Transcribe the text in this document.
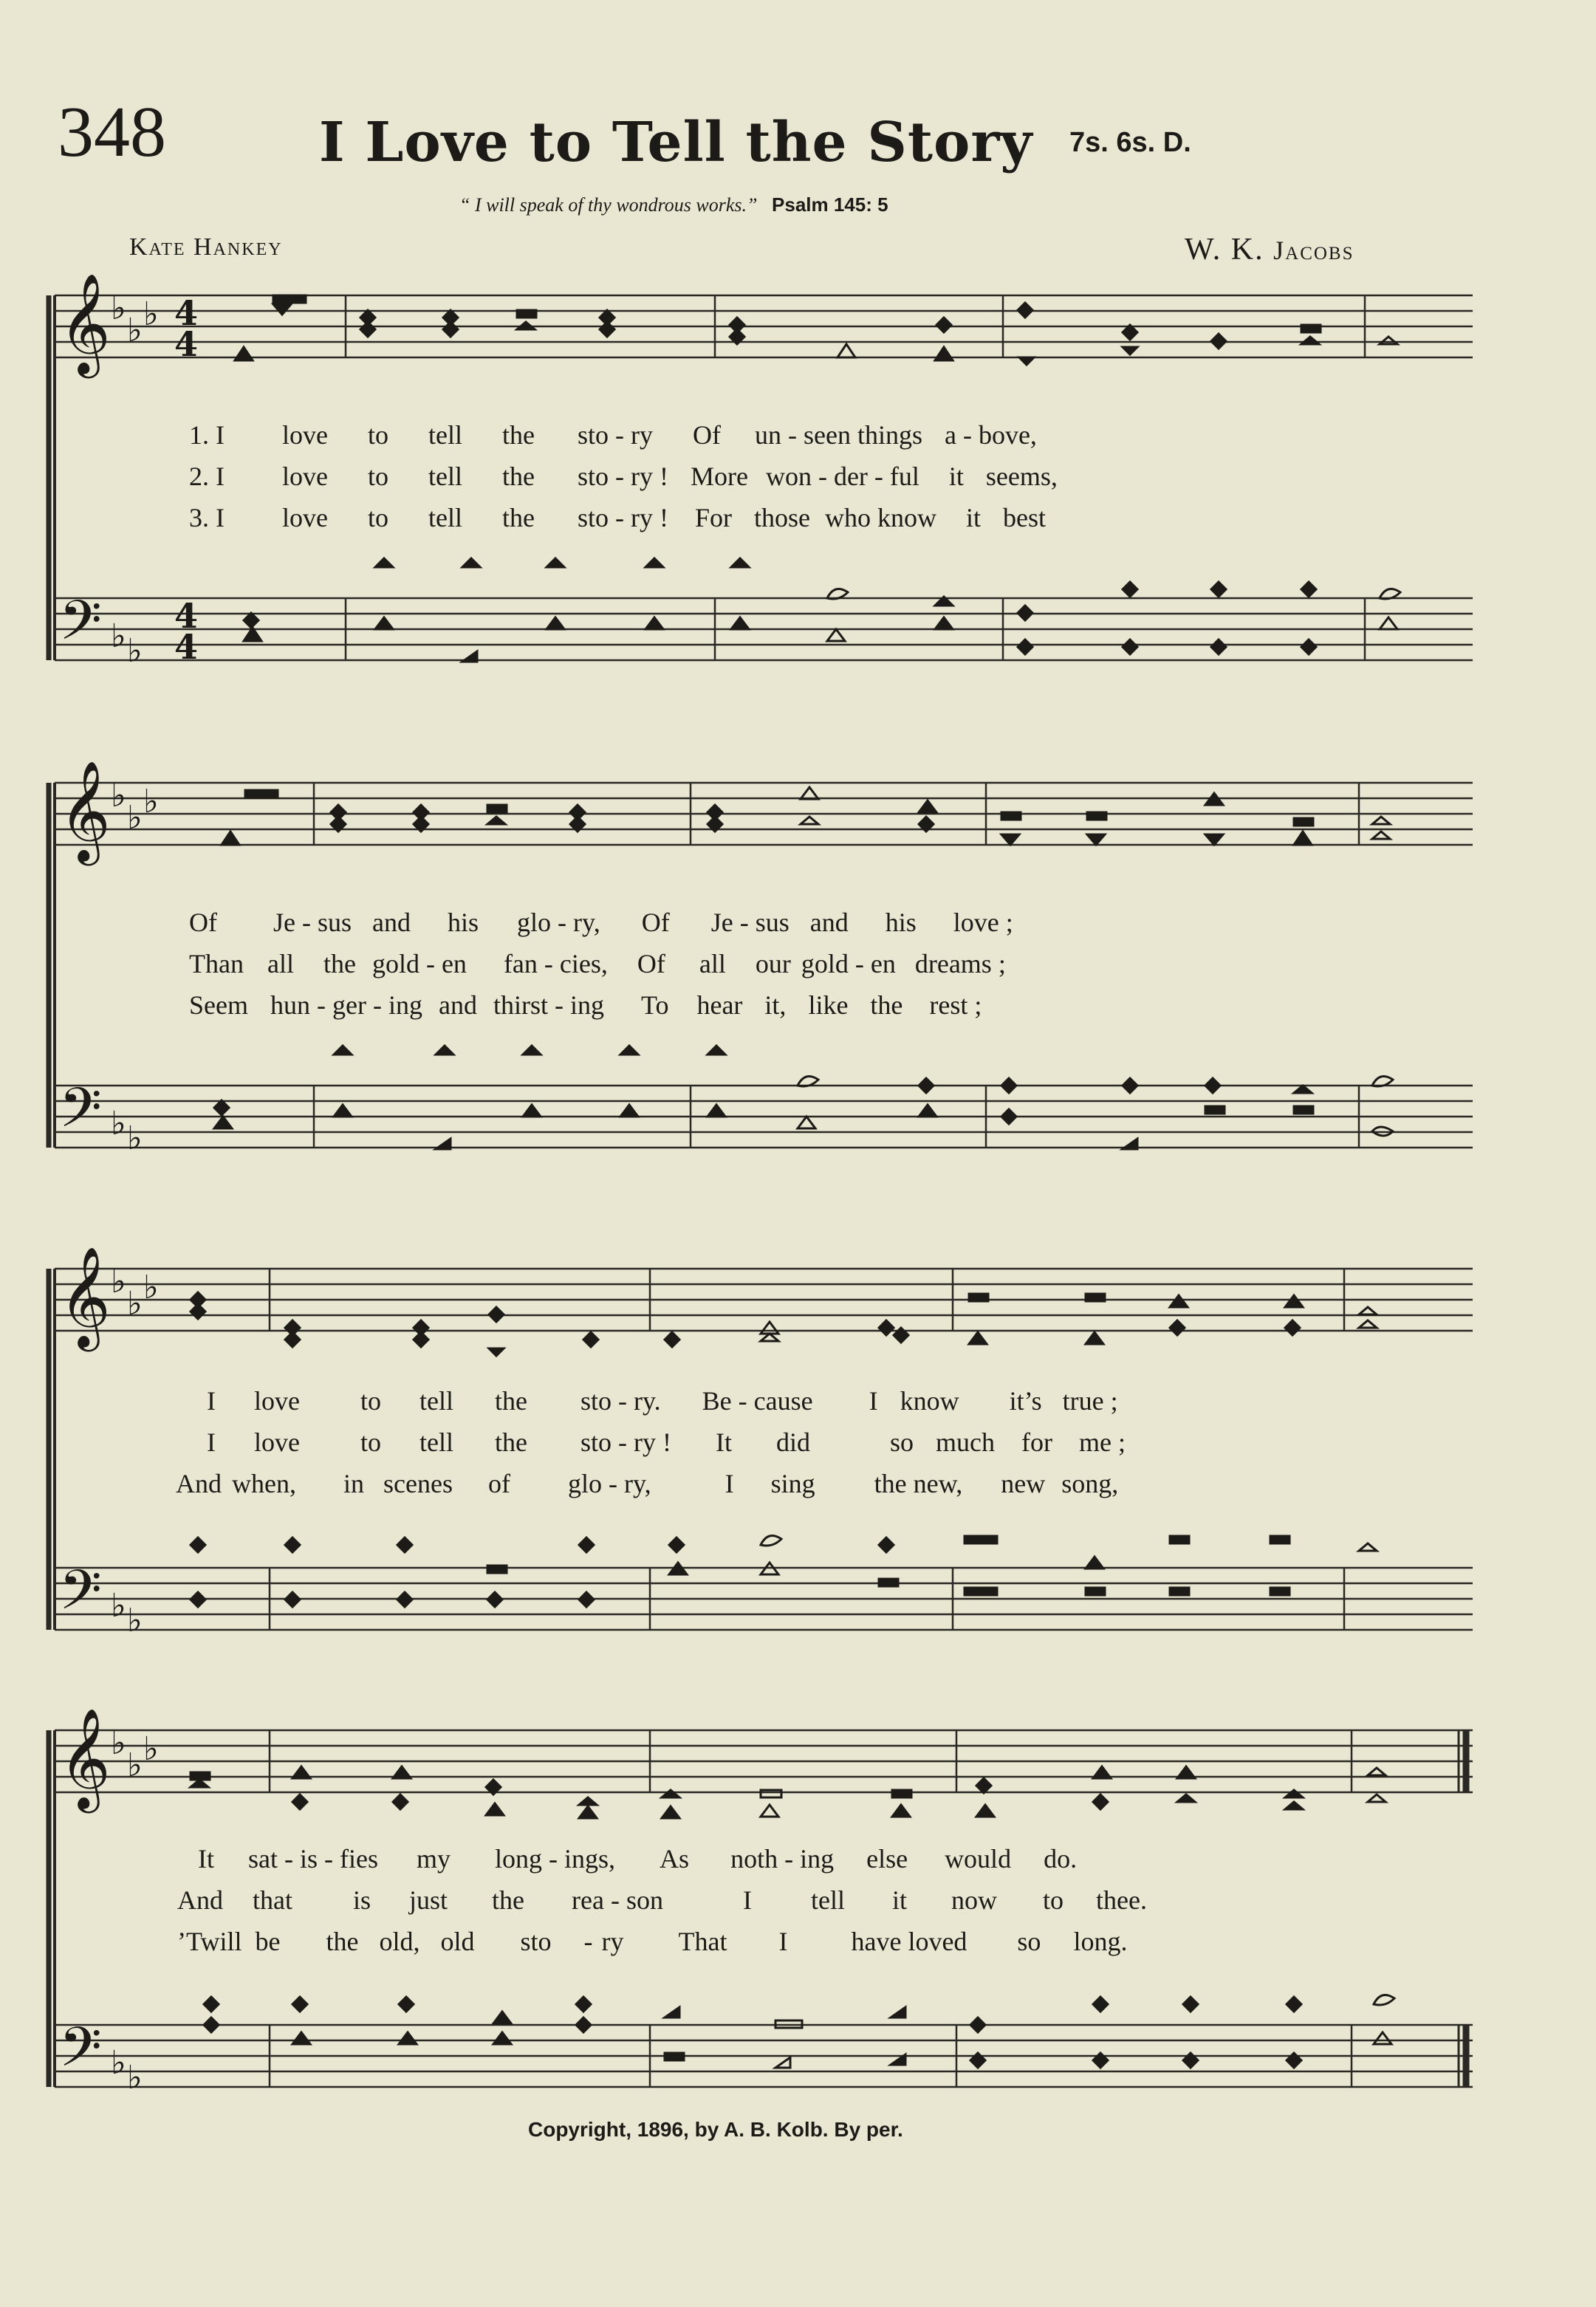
348	I Love to Tell the Story 7s. 6s. D.
“ I will speak of thy wondrous works.” Psalm 145: 5
Kate Hankey	W. K. Jacobs
𝄞
𝄢
𝄞
𝄢
𝄞
𝄢
𝄞
𝄢
♭
♭ ♭
♭ ♭
♭
♭ ♭
♭ ♭
♭
♭ ♭
♭ ♭
♭
♭ ♭
♭ ♭
4
4
4
4
1. I love to tell the sto - ry Of un - seen things a - bove,
2. I love to tell the sto - ry ! More won - der - ful it seems,
3. I love to tell the sto - ry ! For those who know it best
Of Je - sus and his glo - ry, Of Je - sus and his love ;
Than all the gold - en fan - cies, Of all our gold - en dreams ;
Seem hun - ger - ing and thirst - ing To hear it, like the rest ;
I love to tell the sto - ry. Be - cause I know it’s true ;
I love to tell the sto - ry ! It did	so much for me ;
And when, in scenes of glo - ry,	I sing the new, new song,
It sat - is - fies my long - ings, As noth - ing else would do.
And that is just the rea - son	I tell it now to thee.
’Twill be the old, old sto - ry That I have loved so long.
Copyright, 1896, by A. B. Kolb. By per.
